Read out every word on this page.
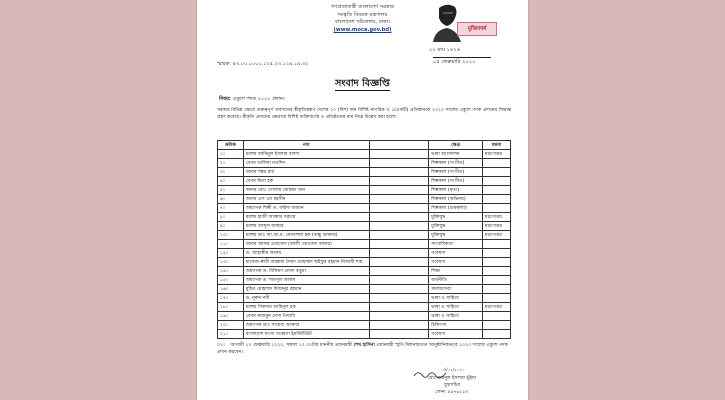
গণপ্রজাতন্ত্রী বাংলাদেশ সরকার
সংস্কৃতি বিষয়ক মন্ত্রণালয়
বাংলাদেশ সচিবালয়, ঢাকা।
(www.moca.gov.bd)	মুজিববর্ষ
২২ মাঘ ১৪২৬
০৫ ফেব্রুয়ারি ২০২০
স্মারক: ৪৩.০০.০০০০.১২৫.২৩.১২৯.১৯.৩২
সংবাদ বিজ্ঞপ্তি
বিষয়: একুশে পদক ২০২০ প্রদান।
সরকার বিভিন্ন ক্ষেত্রে গুরুত্বপূর্ণ অবদানের স্বীকৃতিস্বরূপ দেশের ২০ (বিশ) জন বিশিষ্ট নাগরিক ও ১(একটি) প্রতিষ্ঠানকে ২০২০ সালের একুশে পদক প্রদানের সিদ্ধান্ত গ্রহণ করেছে। স্বীকৃতি প্রদানের ক্ষেত্রসহ বিশিষ্ট ব্যক্তিবর্গের ও প্রতিষ্ঠানের নাম নিম্নে উল্লেখ করা হলো:
ক্রমিক	নাম		ক্ষেত্র	মন্তব্য
১।	মরহুম আমিনুল ইসলাম বাদশা		ভাষা আন্দোলন	মরণোত্তর
২।	বেগম ডালিয়া নওশিন		শিল্পকলা (সংগীত)	
৩।	জনাব শঙ্কর রায়		শিল্পকলা (সংগীত)	
৪।	বেগম মিতা হক		শিল্পকলা (সংগীত)	
৫।	জনাব মোঃ গোলাম মোস্তফা খান		শিল্পকলা (নৃত্য)	
৬।	জনাব এস এম মহসীন		শিল্পকলা (অভিনয়)	
৭।	অধ্যাপক শিল্পী ড. ফরিদা জামান		শিল্পকলা (চারুকলা)	
৮।	মরহুম হাজী আক্তার সরদার		মুক্তিযুদ্ধ	মরণোত্তর
৯।	মরহুম আব্দুল জব্বার		মুক্তিযুদ্ধ	মরণোত্তর
১০।	মরহুম ডাঃ আ.আ.ম. মেসবাহুল হক (বাচ্চু ডাক্তার)		মুক্তিযুদ্ধ	মরণোত্তর
১১।	জনাব জাফর ওয়াজেদ (আলী ওয়াজেদ জাফর)		সাংবাদিকতা	
১২।	ড. জাহাঙ্গীর আলম		গবেষণা	
১৩।	হাফেজ-ক্বারী আল্লামা সৈয়দ মোহাম্মদ ছাইফুর রহমান নিজামী শাহ		গবেষণা	
১৪।	অধ্যাপক ড. বিকিরণ প্রসাদ বড়ুয়া		শিক্ষা	
১৫।	অধ্যাপক ড. শামসুল আলম		অর্থনীতি	
১৬।	মুহিত মোহাম্মদ মিজানুর রহমান		সমাজসেবা	
১৭।	ড. নূরুন নবী		ভাষা ও সাহিত্য	
১৮।	মরহুম সিকদার আমিনুল হক		ভাষা ও সাহিত্য	মরণোত্তর
১৯।	বেগম নাজমুন নেসা পিয়ারি		ভাষা ও সাহিত্য	
২০।	অধ্যাপক ডাঃ সায়েবা আক্তার		চিকিৎসা	
২১।	বাংলাদেশ মৎস্য গবেষণা ইনস্টিটিউট		গবেষণা	
০২। আগামী ২০ ফেব্রুয়ারি ২০২০, সকাল ১০.৩০টায় মাননীয় প্রধানমন্ত্রী শেখ হাসিনা প্রধানমন্ত্রী স্মৃতি মিলনায়তনে আনুষ্ঠানিকভাবে ২০২০ সালের একুশে পদক প্রদান করবেন।
০৫/০২/২০২০
মোঃ জয়নুল ইসলাম ভূঁইয়া
যুগ্মসচিব
ফোন: ৯৫৭৬১৮০
